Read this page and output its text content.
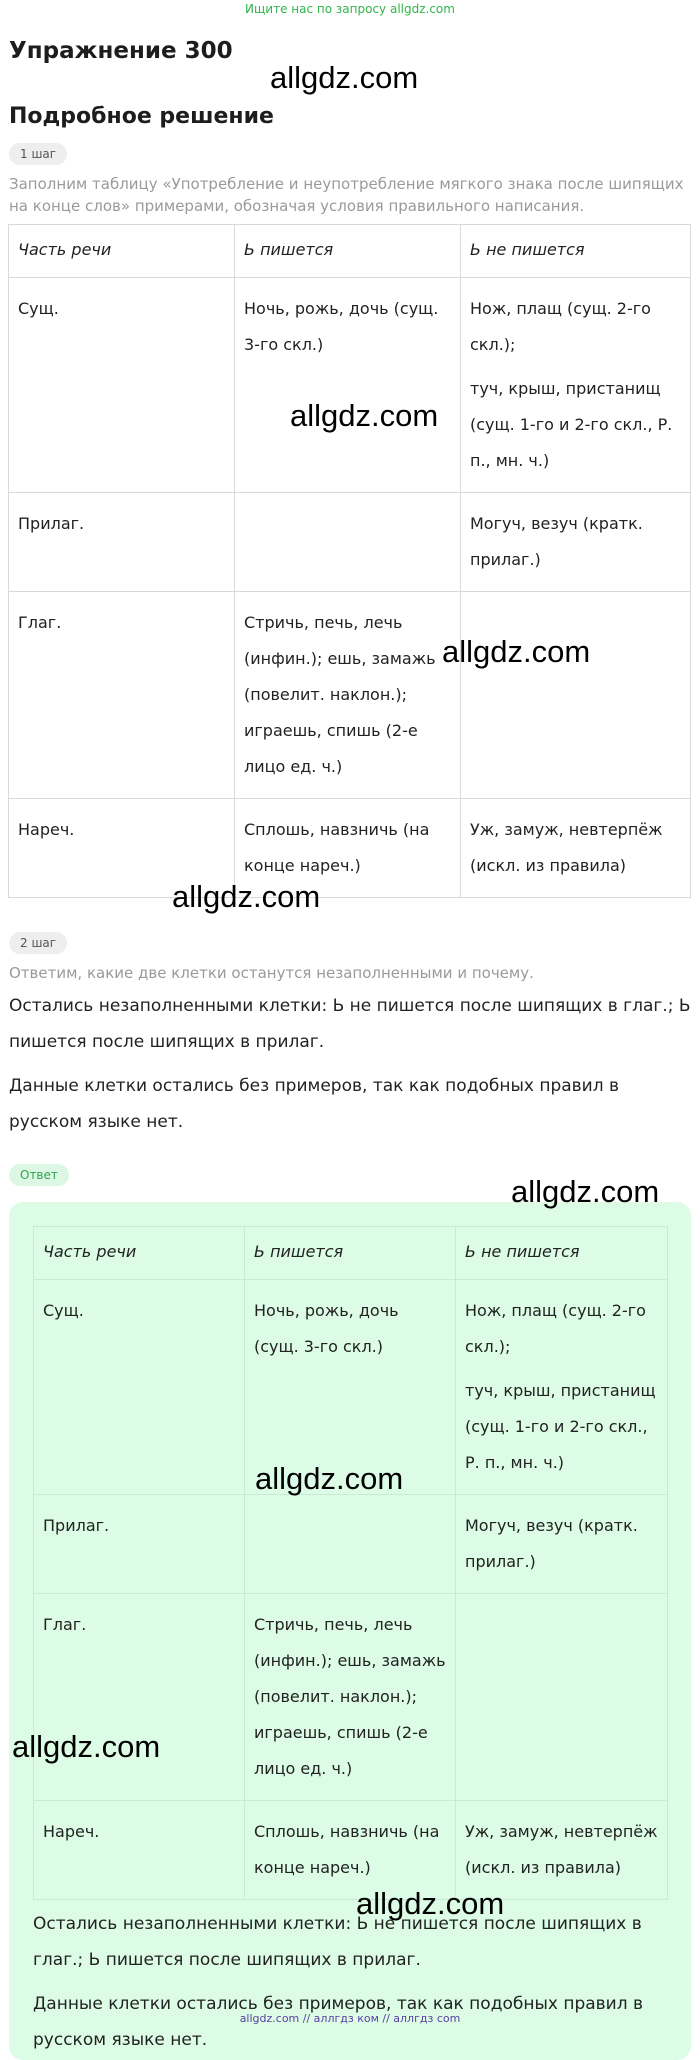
Ищите нас по запросу allgdz.com
Упражнение 300
Подробное решение
1 шаг
Заполним таблицу «Употребление и неупотребление мягкого знака после шипящих на конце слов» примерами, обозначая условия правильного написания.
Часть речи	Ь пишется	Ь не пишется
Сущ.	Ночь, рожь, дочь (сущ. 3-го скл.)	Нож, плащ (сущ. 2-го скл.);

туч, крыш, пристанищ (сущ. 1-го и 2-го скл., Р. п., мн. ч.)

Прилаг.		Могуч, везуч (кратк. прилаг.)
Глаг.	Стричь, печь, лечь (инфин.); ешь, замажь (повелит. наклон.); играешь, спишь (2-е лицо ед. ч.)	
Нареч.	Сплошь, навзничь (на конце нареч.)	Уж, замуж, невтерпёж (искл. из правила)
2 шаг
Ответим, какие две клетки останутся незаполненными и почему.

Остались незаполненными клетки: Ь не пишется после шипящих в глаг.; Ь пишется после шипящих в прилаг.

Данные клетки остались без примеров, так как подобных правил в русском языке нет.

Ответ
Часть речи	Ь пишется	Ь не пишется
Сущ.	Ночь, рожь, дочь (сущ. 3-го скл.)	Нож, плащ (сущ. 2-го скл.);

туч, крыш, пристанищ (сущ. 1-го и 2-го скл., Р. п., мн. ч.)

Прилаг.		Могуч, везуч (кратк. прилаг.)
Глаг.	Стричь, печь, лечь (инфин.); ешь, замажь (повелит. наклон.); играешь, спишь (2-е лицо ед. ч.)	
Нареч.	Сплошь, навзничь (на конце нареч.)	Уж, замуж, невтерпёж (искл. из правила)

Остались незаполненными клетки: Ь не пишется после шипящих в глаг.; Ь пишется после шипящих в прилаг.

Данные клетки остались без примеров, так как подобных правил в русском языке нет.

allgdz.com
allgdz.com
allgdz.com
allgdz.com
allgdz.com
allgdz.com
allgdz.com
allgdz.com
allgdz.com // аллгдз ком // аллгдз com
